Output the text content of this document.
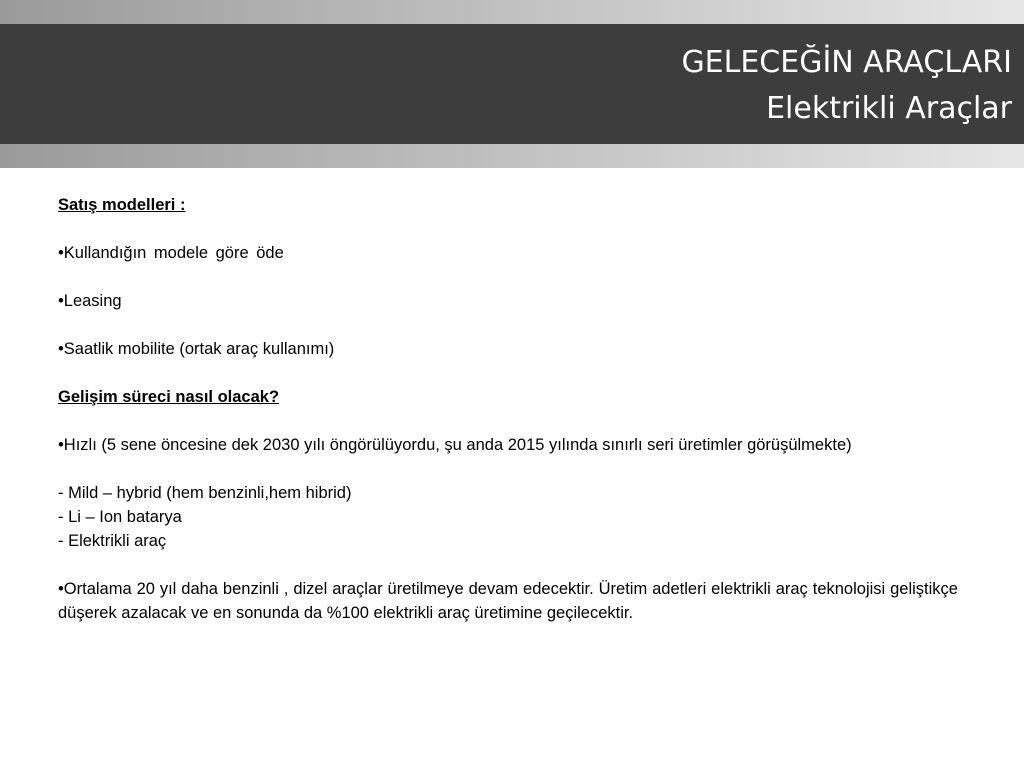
GELECEĞİN ARAÇLARI
Elektrikli Araçlar

Satış modelleri :

•Kullandığın modele göre öde

•Leasing

•Saatlik mobilite (ortak araç kullanımı)

Gelişim süreci nasıl olacak?

•Hızlı (5 sene öncesine dek 2030 yılı öngörülüyordu, şu anda 2015 yılında sınırlı seri üretimler görüşülmekte)

- Mild – hybrid (hem benzinli,hem hibrid)

- Li – Ion batarya

- Elektrikli araç

•Ortalama 20 yıl daha benzinli , dizel araçlar üretilmeye devam edecektir. Üretim adetleri elektrikli araç teknolojisi geliştikçe düşerek azalacak ve en sonunda da %100 elektrikli araç üretimine geçilecektir.
